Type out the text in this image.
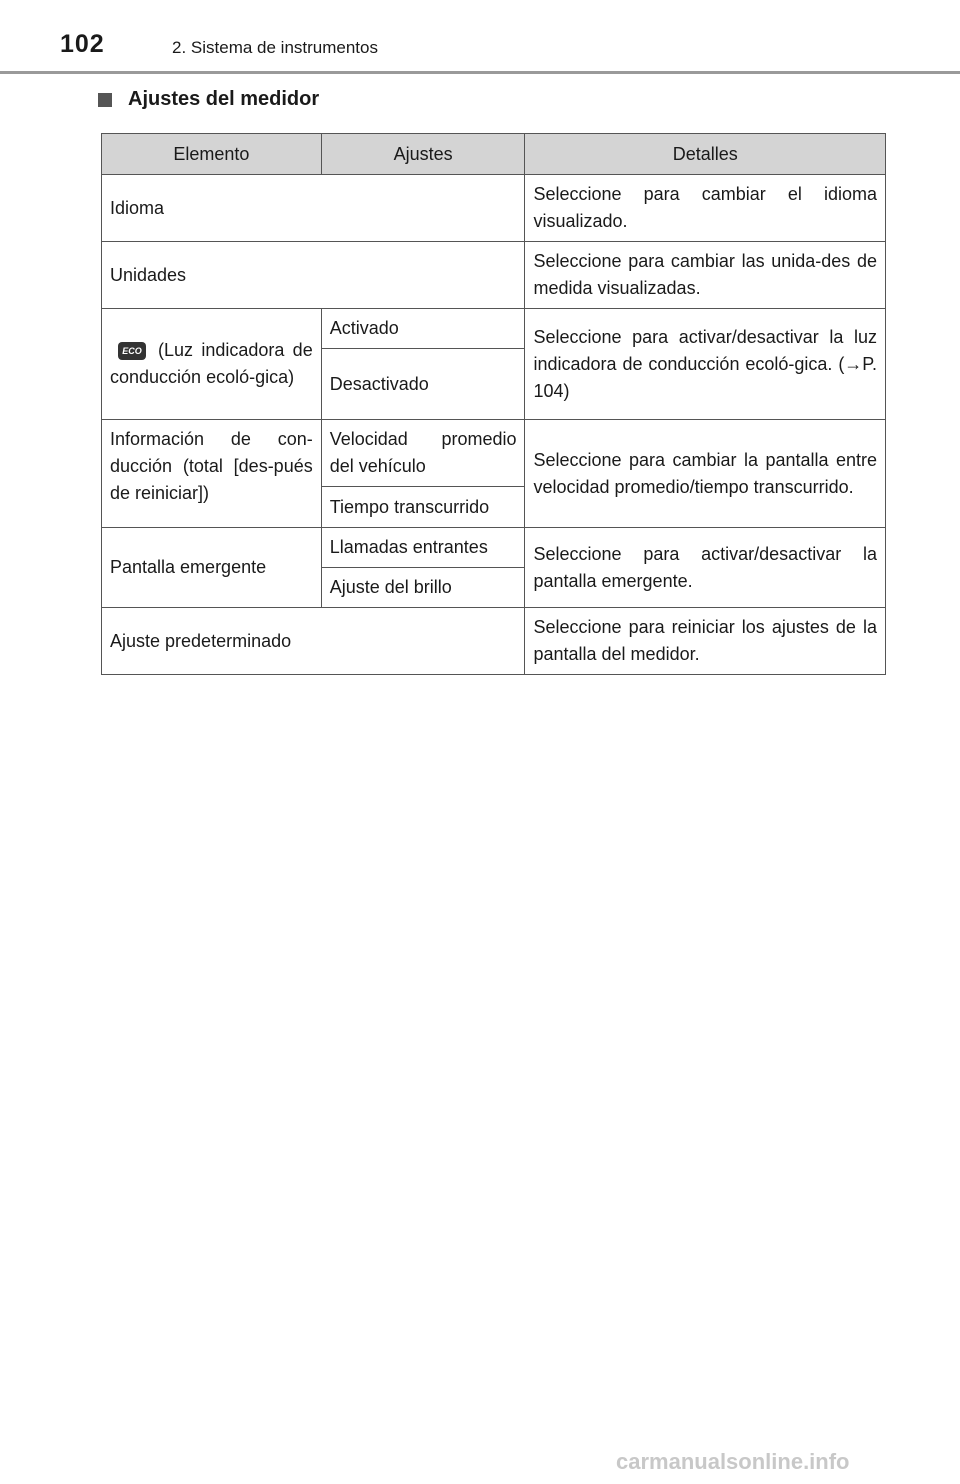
102	2. Sistema de instrumentos
Ajustes del medidor
Elemento	Ajustes	Detalles
Idioma		Seleccione para cambiar el idioma visualizado.
Unidades		Seleccione para cambiar las unida-des de medida visualizadas.
ECO (Luz indicadora de conducción ecoló-gica)	Activado	Seleccione para activar/desactivar la luz indicadora de conducción ecoló-gica. (→P. 104)
	Desactivado	
Información de con-ducción (total [des-pués de reiniciar])	Velocidad promedio del vehículo	Seleccione para cambiar la pantalla entre velocidad promedio/tiempo transcurrido.
	Tiempo transcurrido	
Pantalla emergente	Llamadas entrantes	Seleccione para activar/desactivar la pantalla emergente.
	Ajuste del brillo	
Ajuste predeterminado		Seleccione para reiniciar los ajustes de la pantalla del medidor.
carmanualsonline.info
